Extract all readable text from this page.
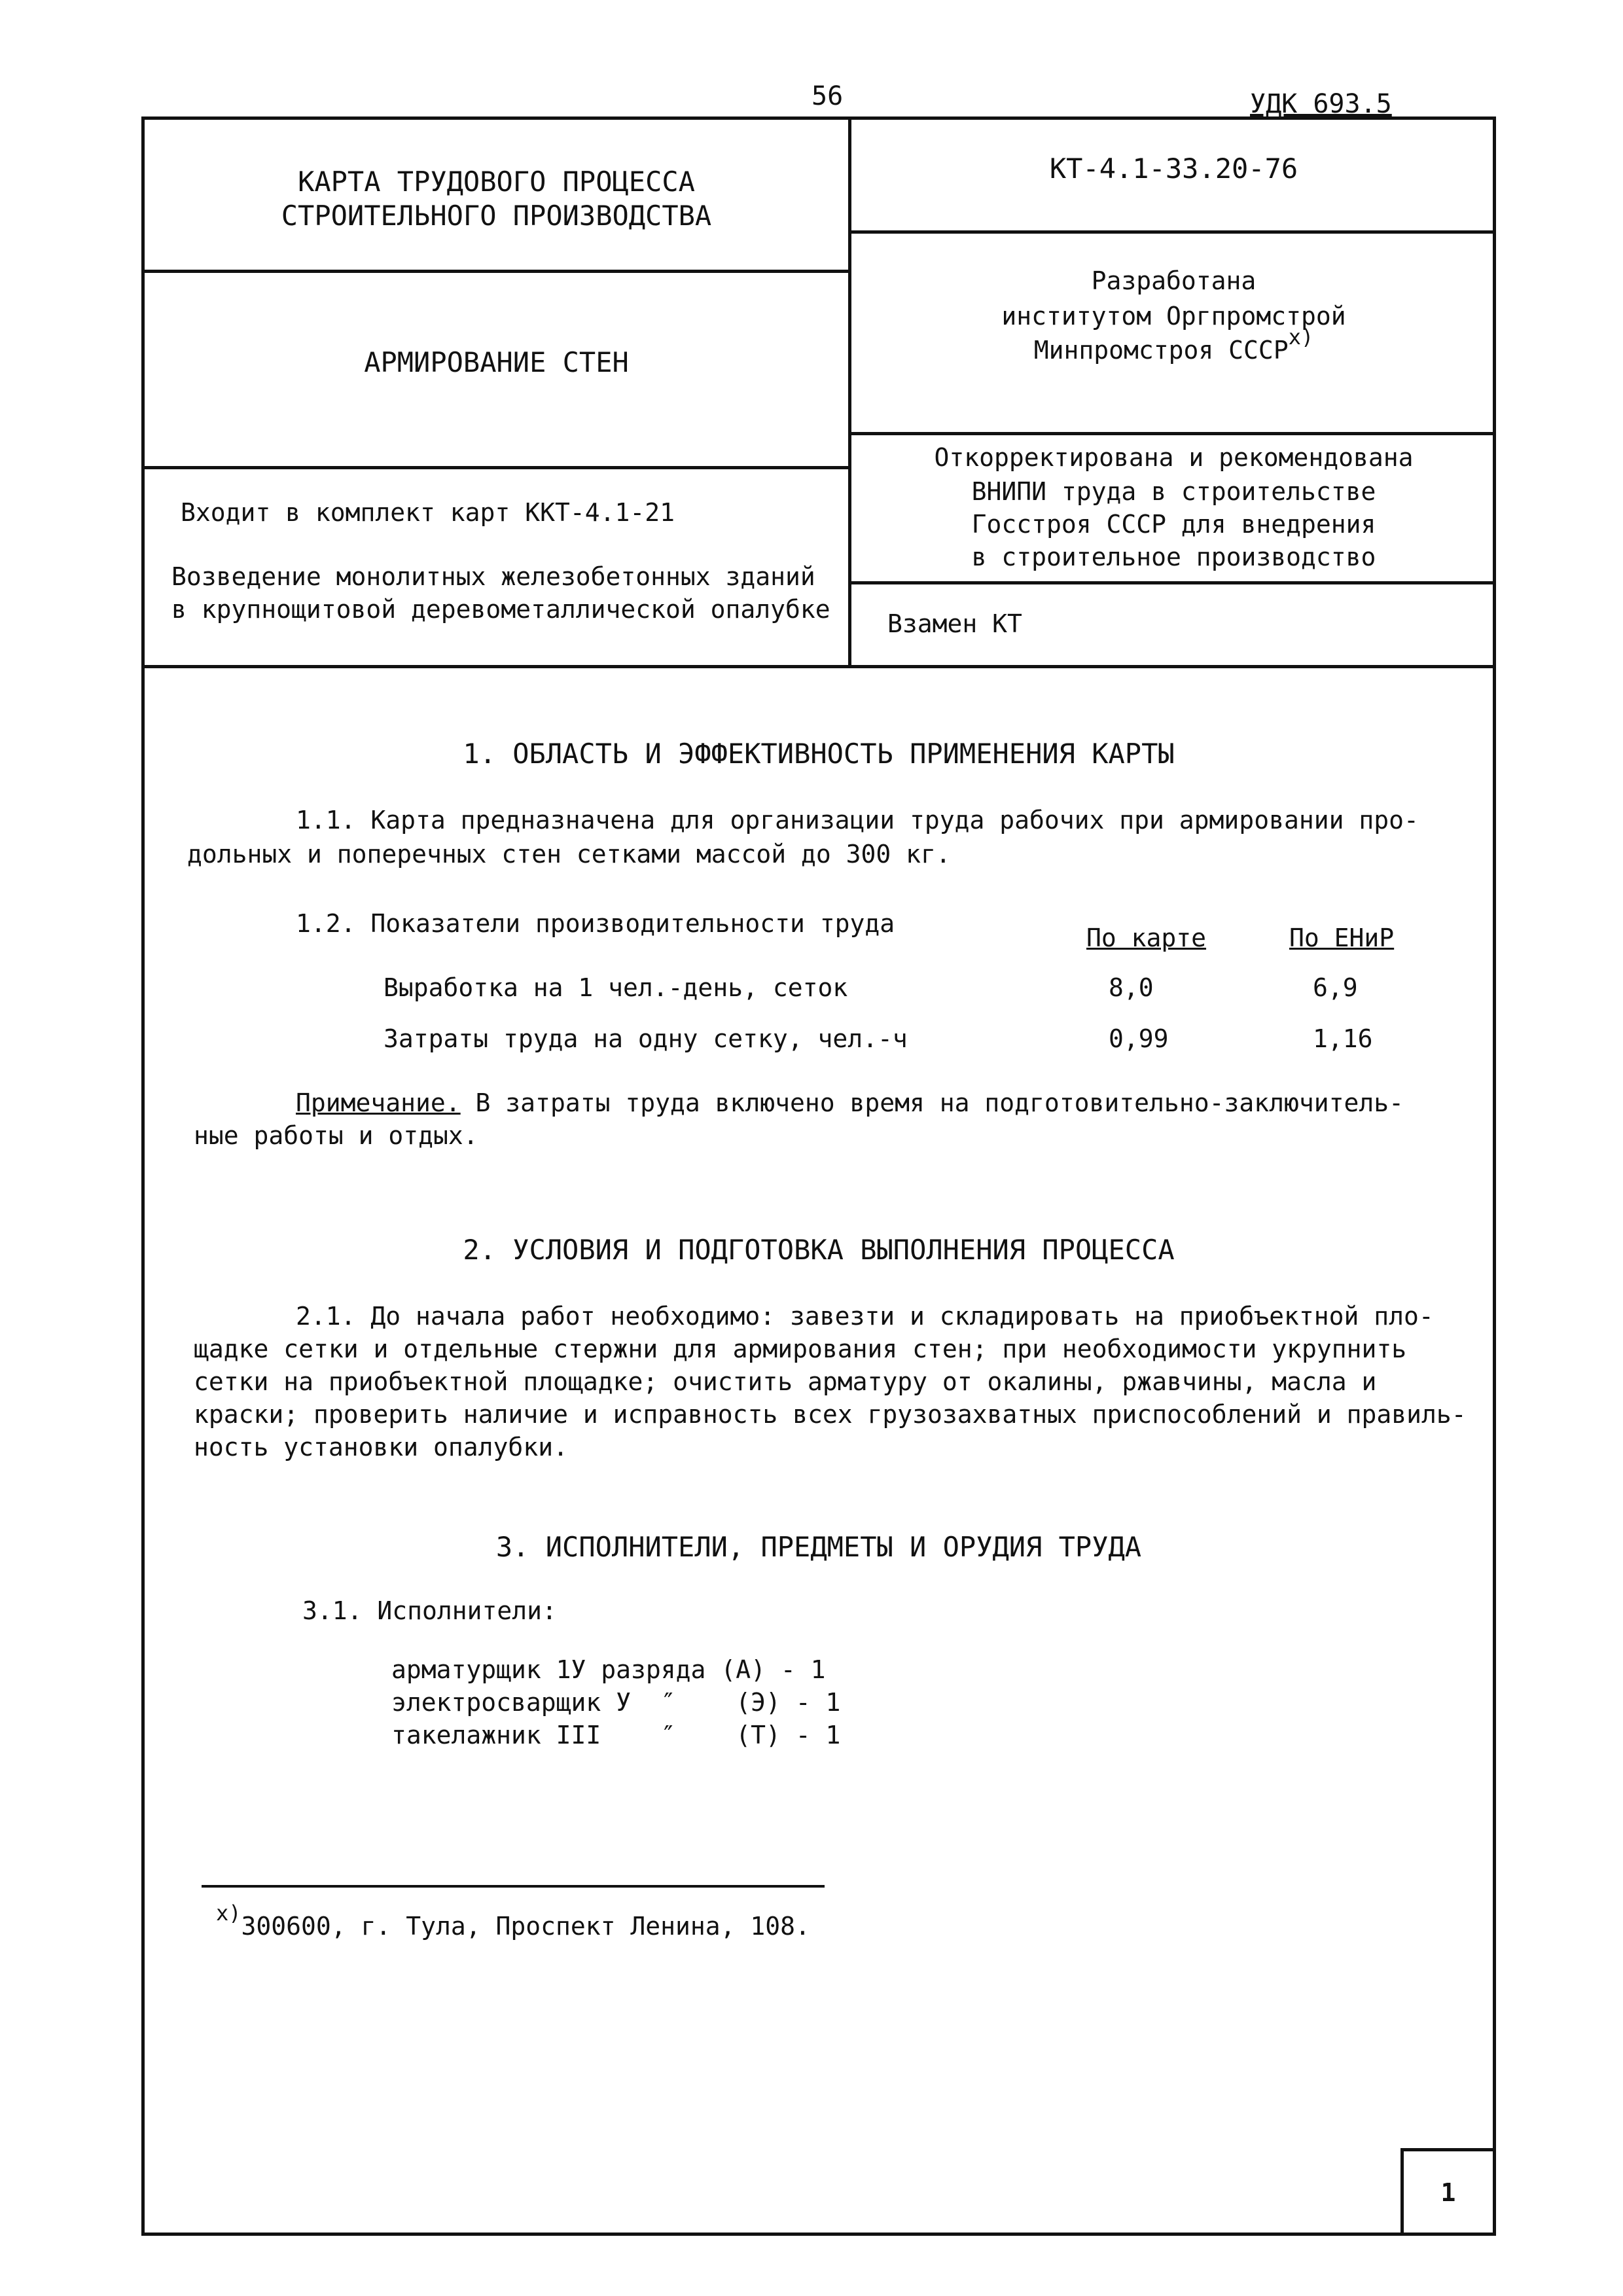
56	УДК 693.5
КАРТА ТРУДОВОГО ПРОЦЕССА
СТРОИТЕЛЬНОГО ПРОИЗВОДСТВА
КТ-4.1-33.20-76
АРМИРОВАНИЕ СТЕН
Разработана
институтом Оргпромстрой
Минпромстроя СССР$^{x)}$
Откорректирована и рекомендована
ВНИПИ труда в строительстве
Госстроя СССР для внедрения
в строительное производство
Входит в комплект карт ККТ-4.1-21
Возведение монолитных железобетонных зданий
в крупнощитовой деревометаллической опалубке Взамен КТ
1. ОБЛАСТЬ И ЭФФЕКТИВНОСТЬ ПРИМЕНЕНИЯ КАРТЫ
1.1. Карта предназначена для организации труда рабочих при армировании про-
дольных и поперечных стен сетками массой до 300 кг.
1.2. Показатели производительности труда	По карте	По ЕНиР
Выработка на 1 чел.-день, сеток	8,0	6,9
Затраты труда на одну сетку, чел.-ч	0,99	1,16
Примечание. В затраты труда включено время на подготовительно-заключитель-
ные работы и отдых.
2. УСЛОВИЯ И ПОДГОТОВКА ВЫПОЛНЕНИЯ ПРОЦЕССА
2.1. До начала работ необходимо: завезти и складировать на приобъектной пло-
щадке сетки и отдельные стержни для армирования стен; при необходимости укрупнить
сетки на приобъектной площадке; очистить арматуру от окалины, ржавчины, масла и
краски; проверить наличие и исправность всех грузозахватных приспособлений и правиль-
ность установки опалубки.
3. ИСПОЛНИТЕЛИ, ПРЕДМЕТЫ И ОРУДИЯ ТРУДА
3.1. Исполнители:
арматурщик 1У разряда (А) - 1
электросварщик У  ″    (Э) - 1
такелажник III    ″    (Т) - 1
$^{x)}$300600, г. Тула, Проспект Ленина, 108.
1
